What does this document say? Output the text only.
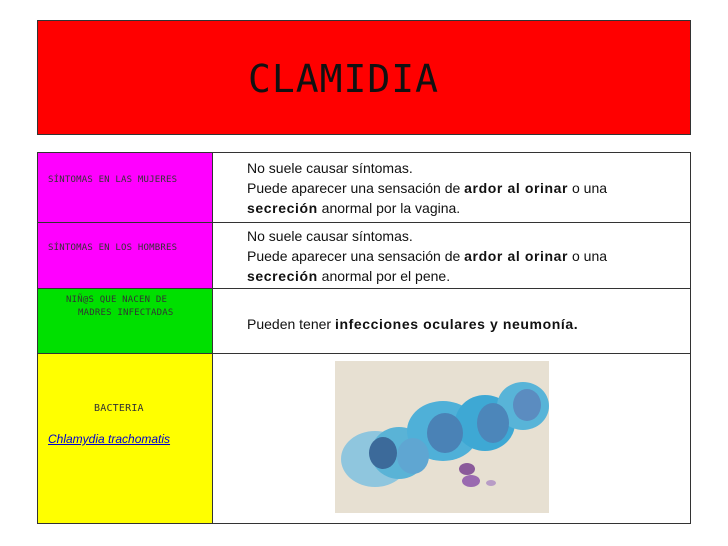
CLAMIDIA
SÍNTOMAS EN LAS MUJERES
No suele causar síntomas.
Puede aparecer una sensación de ardor al orinar o una
secreción anormal por la vagina.
SÍNTOMAS EN LOS HOMBRES
No suele causar síntomas.
Puede aparecer una sensación de ardor al orinar o una
secreción anormal por el pene.
NIÑ@S QUE NACEN DE
MADRES INFECTADAS
Pueden tener infecciones oculares y neumonía.
BACTERIA
Chlamydia trachomatis
